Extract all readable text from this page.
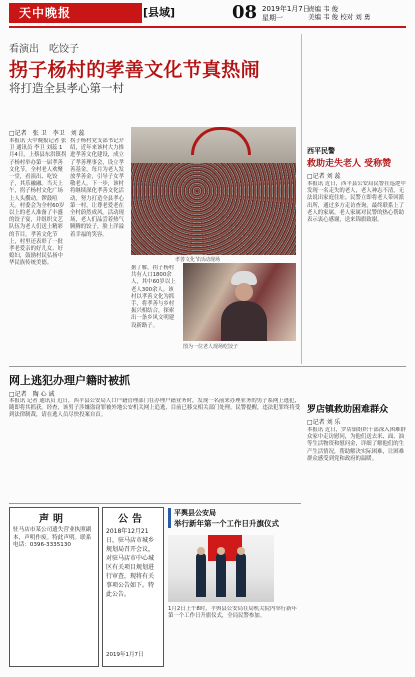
天中晚报	[县域]	08 2019年1月7日
星期一
责编 韦 俊
美编 韦 俊 校对 刘 勇
看演出　吃饺子
拐子杨村的孝善文化节真热闹
将打造全县孝心第一村
□记者　张 卫　李卫　刘 蕊
本报讯 天中晚报记者 张卫 通讯员 李卫 刘蕊 1月4日，上蔡县东洪镇拐子杨村举办第一届孝善文化节，全村老人欢聚一堂，看演出、吃饺子，其乐融融。当天上午，拐子杨村文化广场上人头攒动，锣鼓喧天。村委会为全村60岁以上的老人准备了丰盛的饺子宴，并组织文艺队伍为老人们送上精彩的节目。孝善文化节上，村里还表彰了一批孝老爱亲的好儿女、好媳妇，鼓励村民弘扬中华民族传统美德。
拐子杨村党支部书记介绍，近年来该村大力推进孝善文化建设，成立了孝善理事会，设立孝善基金，每月为老人发放孝善金，引导子女孝敬老人。下一步，该村将继续深化孝善文化活动，努力打造全县孝心第一村，让尊老爱老在全村蔚然成风。活动现场，老人们品尝着热气腾腾的饺子，脸上洋溢着幸福的笑容。
孝善文化节活动现场
据了解，拐子杨村共有人口1800余人，其中60岁以上老人300余人。该村以孝善文化为抓手，将孝善与乡村振兴相结合，探索出一条乡风文明建设新路子。
图为一位老人现场吃饺子
西平民警
救助走失老人 受称赞
□记者 刘 蕊
本报讯 近日，西平县公安局民警在巡逻中发现一名走失的老人，老人神志不清，无法说出家庭住址。民警立即将老人带回派出所，通过多方走访查询，最终联系上了老人的家属。老人家属对民警的热心帮助表示衷心感谢，送来锦旗致谢。
网上逃犯办理户籍时被抓
□记者　陶 心 诚
本报讯 记者 通讯员 近日，西平县公安局人口户籍管理部门在办理户籍业务时，发现一名前来办理业务的男子系网上逃犯，随即将其抓获。经查，该男子涉嫌盗窃罪被外地公安机关网上追逃，目前已移交相关部门处理。民警提醒，违法犯罪终将受到法律制裁，请在逃人员尽快投案自首。
罗店镇救助困难群众
□记者 刘 乐
本报讯 近日，罗店镇组织干部深入困难群众家中走访慰问，为他们送去米、面、油等生活物资和慰问金，详细了解他们的生产生活情况，帮助解决实际困难，让困难群众感受到党和政府的温暖。
声明
驻马店市某公司遗失营业执照副本，声明作废。特此声明。联系电话：0396-3335130
公告
2018年12月21日，驻马店市城乡规划局召开会议，对驻马店市中心城区有关项目规划进行审查，现将有关事项公告如下。特此公告。
2019年1月7日
平舆县公安局
举行新年第一个工作日升旗仪式
1月2日上午8时，平舆县公安局在局机关院内举行新年第一个工作日升旗仪式，全局民警参加。
